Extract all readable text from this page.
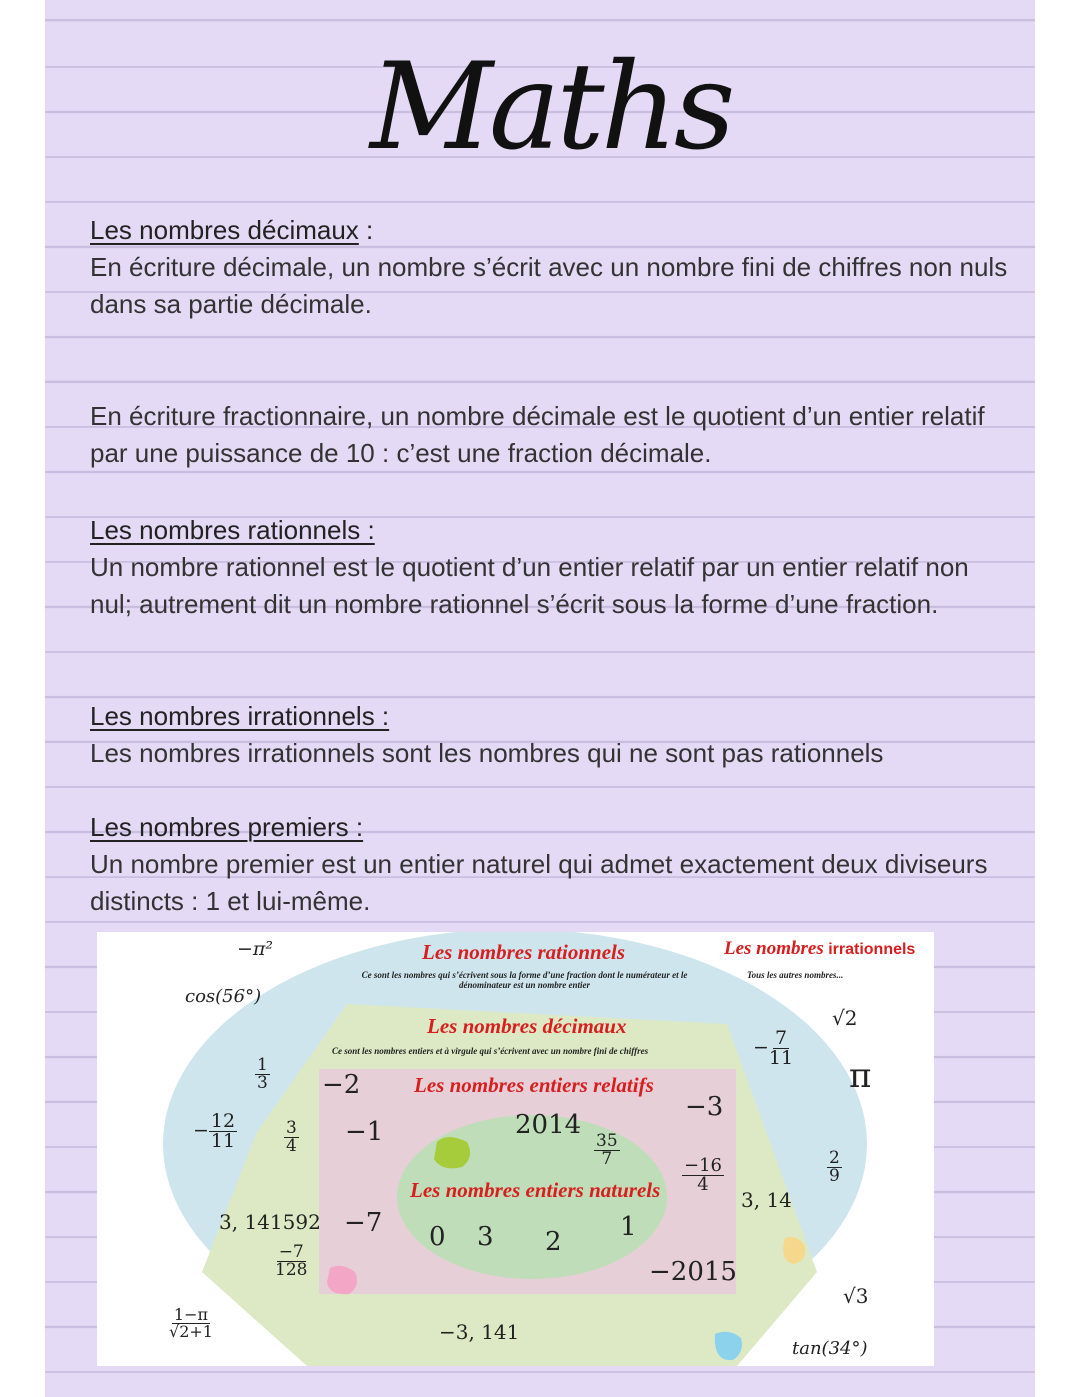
Maths
Les nombres décimaux :
En écriture décimale, un nombre s’écrit avec un nombre fini de chiffres non nuls dans sa partie décimale.
En écriture fractionnaire, un nombre décimale est le quotient d’un entier relatif par une puissance de 10 : c’est une fraction décimale.
Les nombres rationnels :
Un nombre rationnel est le quotient d’un entier relatif par un entier relatif non nul; autrement dit un nombre rationnel s’écrit sous la forme d’une fraction.
Les nombres irrationnels :
Les nombres irrationnels sont les nombres qui ne sont pas rationnels
Les nombres premiers :
Un nombre premier est un entier naturel qui admet exactement deux diviseurs distincts : 1 et lui-même.
Les nombres rationnels
Ce sont les nombres qui s’écrivent sous la forme d’une fraction dont le numérateur et le dénominateur est un nombre entier
Les nombres irrationnels
Tous les autres nombres...
Les nombres décimaux
Ce sont les nombres entiers et à virgule qui s’écrivent avec un nombre fini de chiffres
Les nombres entiers relatifs
Les nombres entiers naturels
−π²
cos(56°)
$\frac{1}{3}$
− $\frac{12}{11}$	$\frac{3}{4}$
3, 141592
$\frac{-7}{128}$
$\frac{1-\pi}{√2+1}$	−3, 141
−2
−1
−7
2014
$\frac{35}{7}$
−3
$\frac{-16}{4}$
−2015
0 3 2 1
√2
− $\frac{7}{11}$
π
$\frac{2}{9}$
3, 14
√3
tan(34°)
